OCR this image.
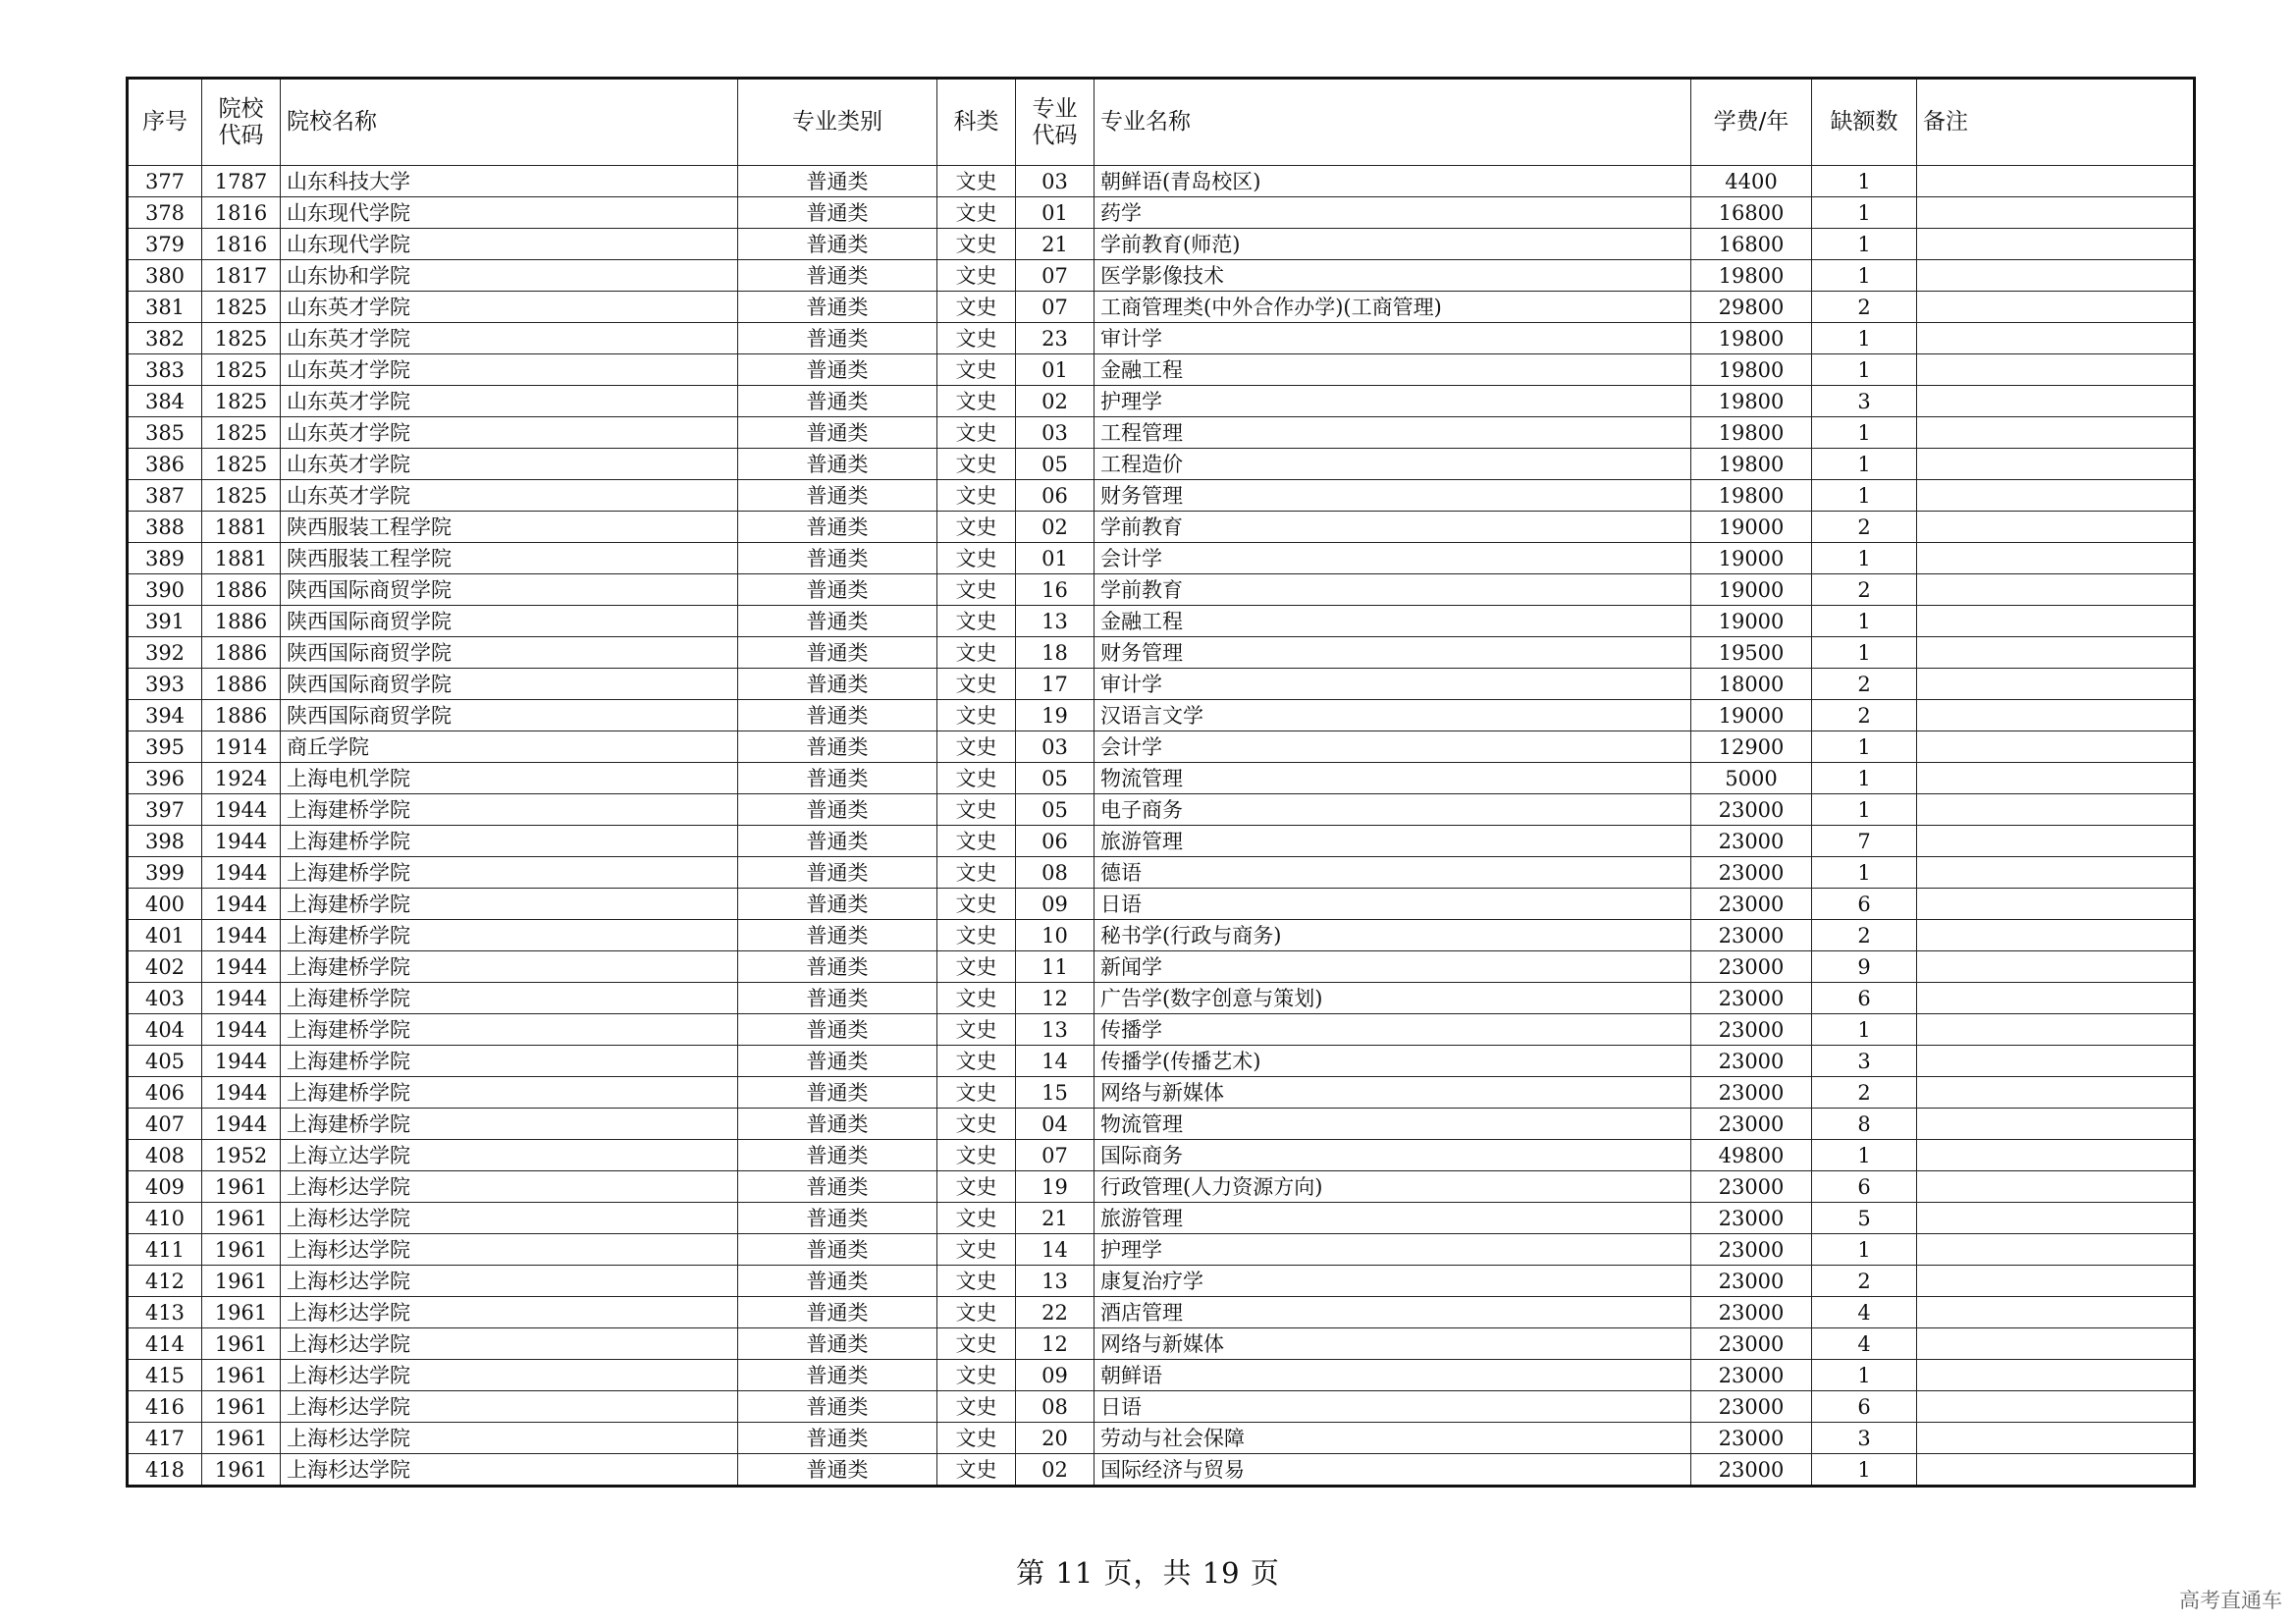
序号	院校代码	院校名称	专业类别	科类	专业代码	专业名称	学费/年	缺额数	备注
377	1787	山东科技大学	普通类	文史	03	朝鲜语(青岛校区)	4400	1	
378	1816	山东现代学院	普通类	文史	01	药学	16800	1	
379	1816	山东现代学院	普通类	文史	21	学前教育(师范)	16800	1	
380	1817	山东协和学院	普通类	文史	07	医学影像技术	19800	1	
381	1825	山东英才学院	普通类	文史	07	工商管理类(中外合作办学)(工商管理)	29800	2	
382	1825	山东英才学院	普通类	文史	23	审计学	19800	1	
383	1825	山东英才学院	普通类	文史	01	金融工程	19800	1	
384	1825	山东英才学院	普通类	文史	02	护理学	19800	3	
385	1825	山东英才学院	普通类	文史	03	工程管理	19800	1	
386	1825	山东英才学院	普通类	文史	05	工程造价	19800	1	
387	1825	山东英才学院	普通类	文史	06	财务管理	19800	1	
388	1881	陕西服装工程学院	普通类	文史	02	学前教育	19000	2	
389	1881	陕西服装工程学院	普通类	文史	01	会计学	19000	1	
390	1886	陕西国际商贸学院	普通类	文史	16	学前教育	19000	2	
391	1886	陕西国际商贸学院	普通类	文史	13	金融工程	19000	1	
392	1886	陕西国际商贸学院	普通类	文史	18	财务管理	19500	1	
393	1886	陕西国际商贸学院	普通类	文史	17	审计学	18000	2	
394	1886	陕西国际商贸学院	普通类	文史	19	汉语言文学	19000	2	
395	1914	商丘学院	普通类	文史	03	会计学	12900	1	
396	1924	上海电机学院	普通类	文史	05	物流管理	5000	1	
397	1944	上海建桥学院	普通类	文史	05	电子商务	23000	1	
398	1944	上海建桥学院	普通类	文史	06	旅游管理	23000	7	
399	1944	上海建桥学院	普通类	文史	08	德语	23000	1	
400	1944	上海建桥学院	普通类	文史	09	日语	23000	6	
401	1944	上海建桥学院	普通类	文史	10	秘书学(行政与商务)	23000	2	
402	1944	上海建桥学院	普通类	文史	11	新闻学	23000	9	
403	1944	上海建桥学院	普通类	文史	12	广告学(数字创意与策划)	23000	6	
404	1944	上海建桥学院	普通类	文史	13	传播学	23000	1	
405	1944	上海建桥学院	普通类	文史	14	传播学(传播艺术)	23000	3	
406	1944	上海建桥学院	普通类	文史	15	网络与新媒体	23000	2	
407	1944	上海建桥学院	普通类	文史	04	物流管理	23000	8	
408	1952	上海立达学院	普通类	文史	07	国际商务	49800	1	
409	1961	上海杉达学院	普通类	文史	19	行政管理(人力资源方向)	23000	6	
410	1961	上海杉达学院	普通类	文史	21	旅游管理	23000	5	
411	1961	上海杉达学院	普通类	文史	14	护理学	23000	1	
412	1961	上海杉达学院	普通类	文史	13	康复治疗学	23000	2	
413	1961	上海杉达学院	普通类	文史	22	酒店管理	23000	4	
414	1961	上海杉达学院	普通类	文史	12	网络与新媒体	23000	4	
415	1961	上海杉达学院	普通类	文史	09	朝鲜语	23000	1	
416	1961	上海杉达学院	普通类	文史	08	日语	23000	6	
417	1961	上海杉达学院	普通类	文史	20	劳动与社会保障	23000	3	
418	1961	上海杉达学院	普通类	文史	02	国际经济与贸易	23000	1	
第 11 页，共 19 页
高考直通车
